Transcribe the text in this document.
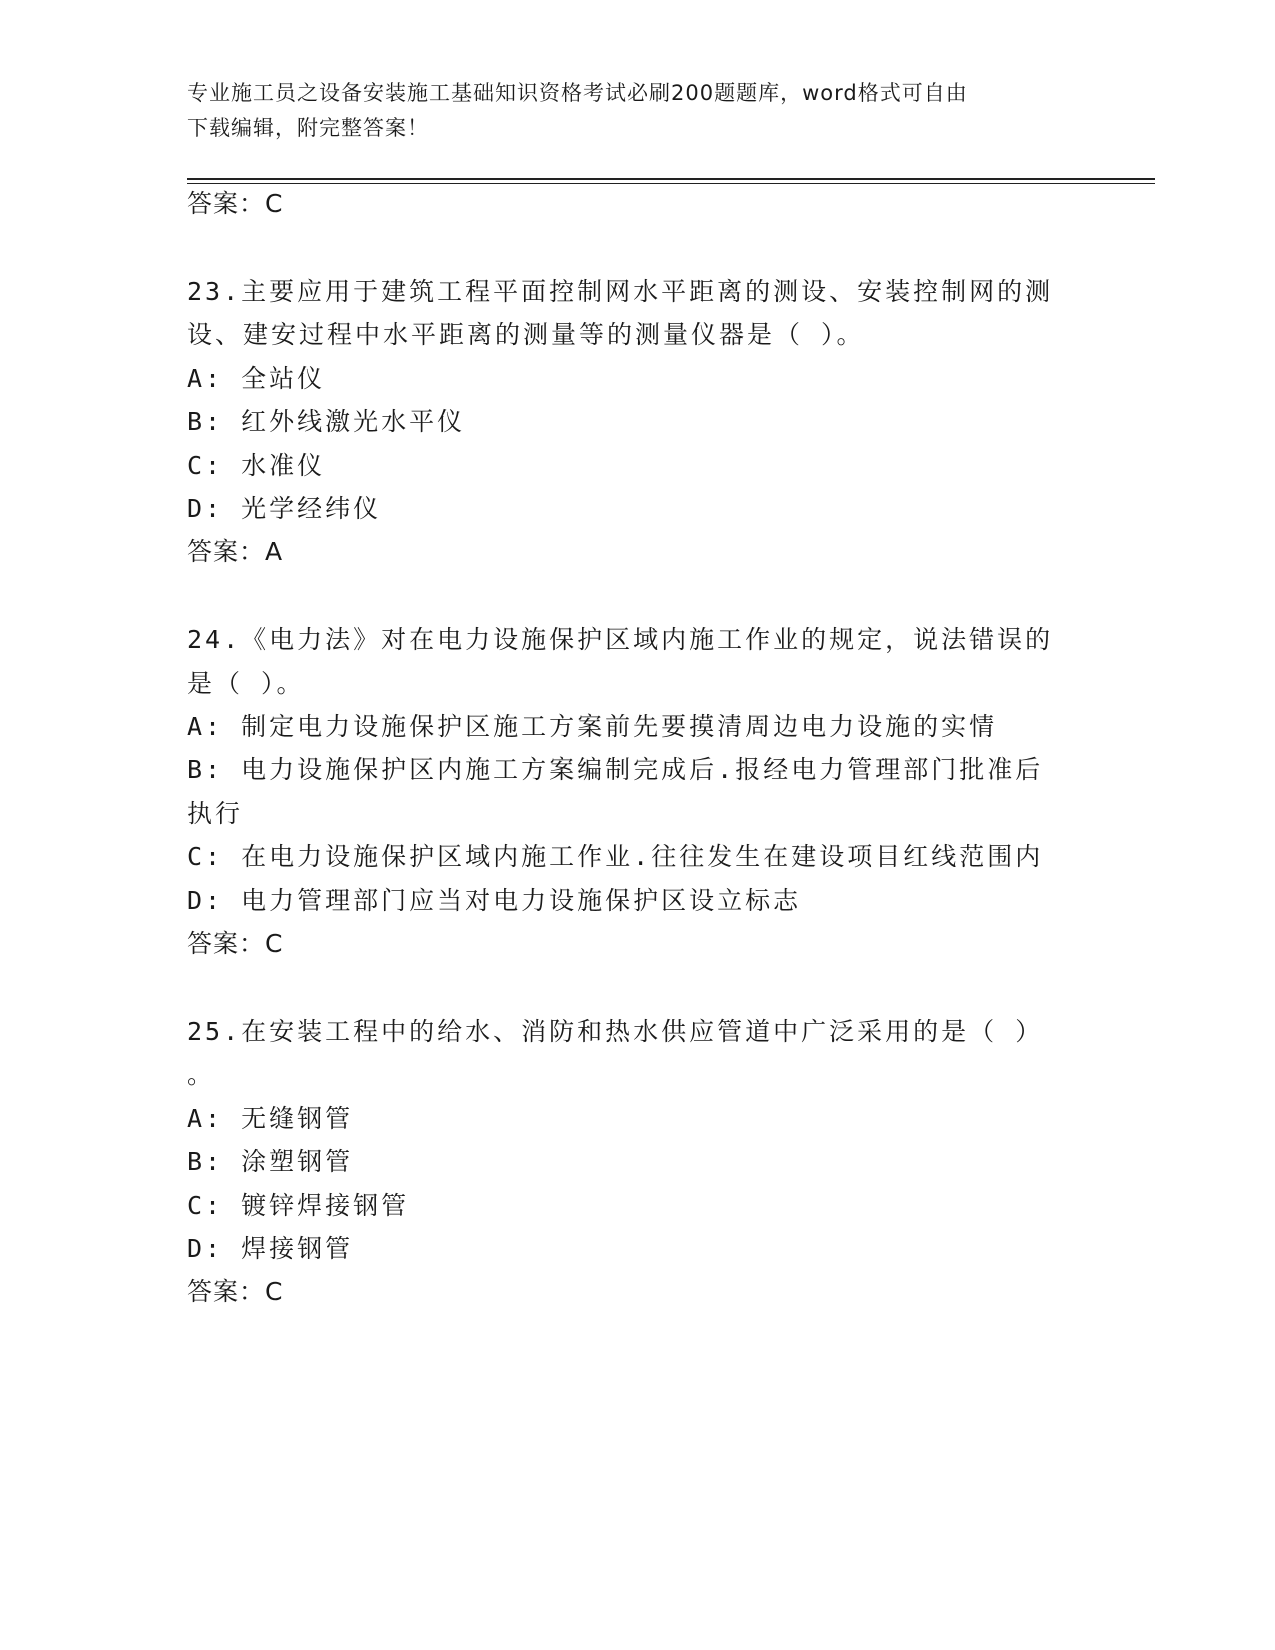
专业施工员之设备安装施工基础知识资格考试必刷200题题库，word格式可自由
下载编辑，附完整答案！
答案：C
23.主要应用于建筑工程平面控制网水平距离的测设、安装控制网的测
设、建安过程中水平距离的测量等的测量仪器是（ ）。
A: 全站仪
B: 红外线激光水平仪
C: 水准仪
D: 光学经纬仪
答案：A
24.《电力法》对在电力设施保护区域内施工作业的规定，说法错误的
是（ ）。
A: 制定电力设施保护区施工方案前先要摸清周边电力设施的实情
B: 电力设施保护区内施工方案编制完成后.报经电力管理部门批准后
执行
C: 在电力设施保护区域内施工作业.往往发生在建设项目红线范围内
D: 电力管理部门应当对电力设施保护区设立标志
答案：C
25.在安装工程中的给水、消防和热水供应管道中广泛采用的是（ ）
。
A: 无缝钢管
B: 涂塑钢管
C: 镀锌焊接钢管
D: 焊接钢管
答案：C
